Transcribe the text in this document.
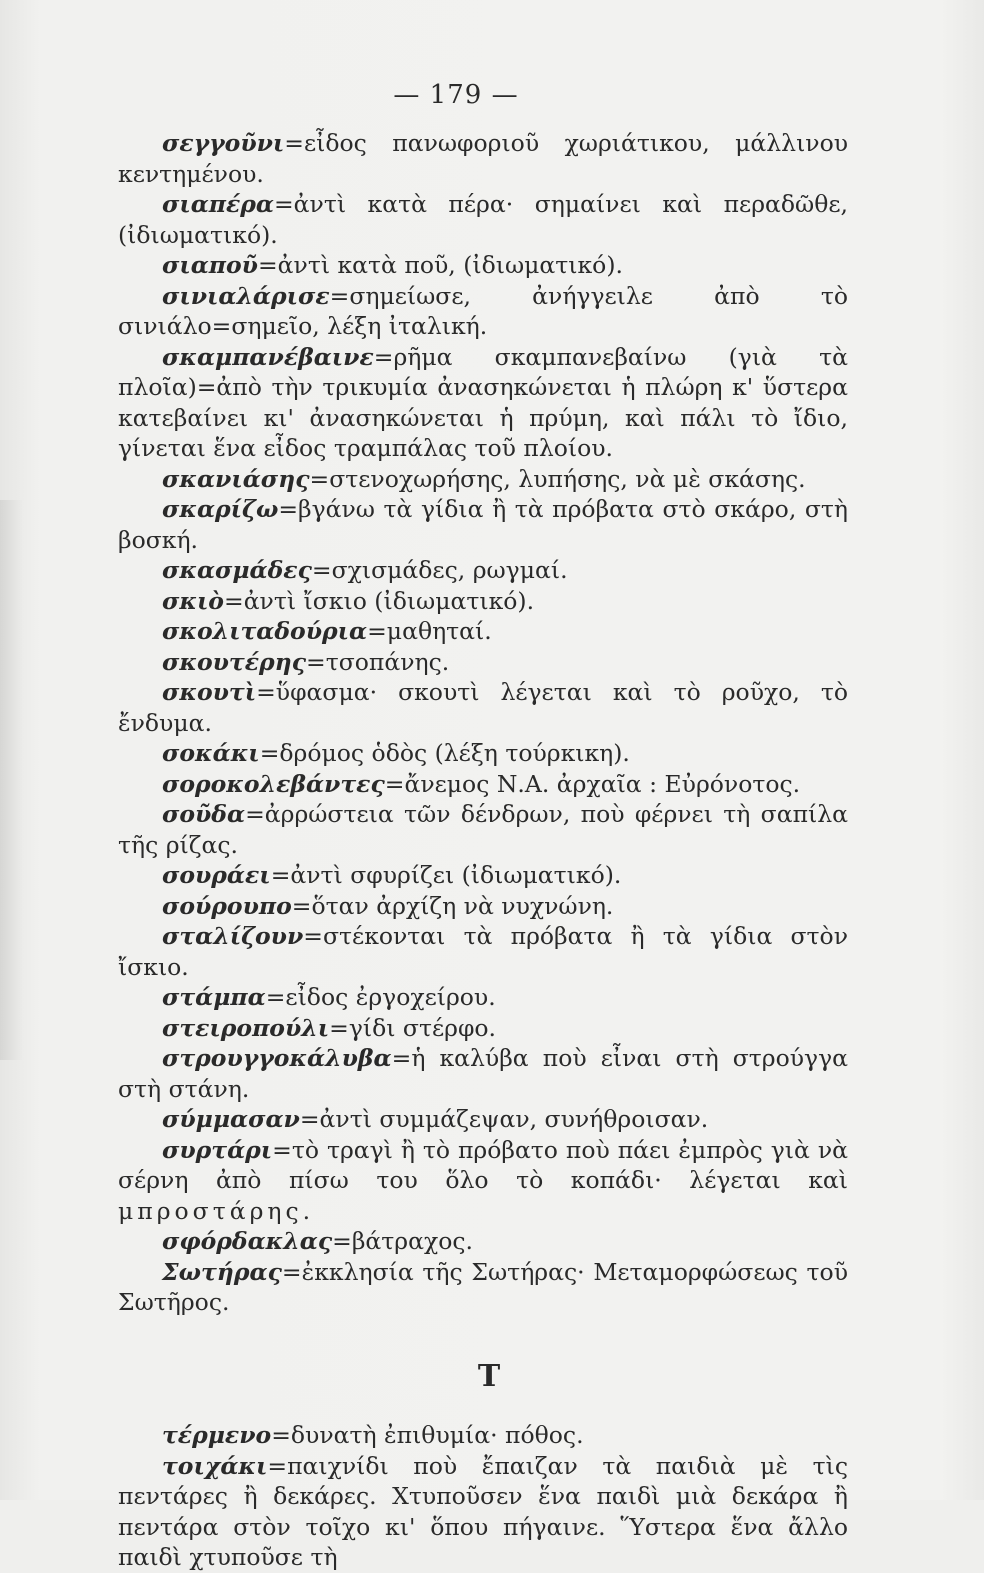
— 179 —

σεγγοῦνι=εἶδος πανωφοριοῦ χωριάτικου, μάλλινου κεντημένου.

σιαπέρα=ἀντὶ κατὰ πέρα· σημαίνει καὶ περαδῶθε, (ἰδιωματικό).

σιαποῦ=ἀντὶ κατὰ ποῦ, (ἰδιωματικό).

σινιαλάρισε=σημείωσε, ἀνήγγειλε ἀπὸ τὸ σινιάλο=σημεῖο, λέξη ἰταλική.

σκαμπανέβαινε=ρῆμα σκαμπανεβαίνω (γιὰ τὰ πλοῖα)=ἀπὸ τὴν τρικυμία ἀνασηκώνεται ἡ πλώρη κ' ὕστερα κατεβαίνει κι' ἀνασηκώνεται ἡ πρύμη, καὶ πάλι τὸ ἴδιο, γίνεται ἕνα εἶδος τραμπάλας τοῦ πλοίου.

σκανιάσης=στενοχωρήσης, λυπήσης, νὰ μὲ σκάσης.

σκαρίζω=βγάνω τὰ γίδια ἢ τὰ πρόβατα στὸ σκάρο, στὴ βοσκή.

σκασμάδες=σχισμάδες, ρωγμαί.

σκιὸ=ἀντὶ ἴσκιο (ἰδιωματικό).

σκολιταδούρια=μαθηταί.

σκουτέρης=τσοπάνης.

σκουτὶ=ὕφασμα· σκουτὶ λέγεται καὶ τὸ ροῦχο, τὸ ἔνδυμα.

σοκάκι=δρόμος ὁδὸς (λέξη τούρκικη).

σοροκολεβάντες=ἄνεμος Ν.Α. ἀρχαῖα : Εὐρόνοτος.

σοῦδα=ἀρρώστεια τῶν δένδρων, ποὺ φέρνει τὴ σαπίλα τῆς ρίζας.

σουράει=ἀντὶ σφυρίζει (ἰδιωματικό).

σούρουπο=ὅταν ἀρχίζη νὰ νυχνώνη.

σταλίζουν=στέκονται τὰ πρόβατα ἢ τὰ γίδια στὸν ἴσκιο.

στάμπα=εἶδος ἐργοχείρου.

στειροπούλι=γίδι στέρφο.

στρουγγοκάλυβα=ἡ καλύβα ποὺ εἶναι στὴ στρούγγα στὴ στάνη.

σύμμασαν=ἀντὶ συμμάζεψαν, συνήθροισαν.

συρτάρι=τὸ τραγὶ ἢ τὸ πρόβατο ποὺ πάει ἐμπρὸς γιὰ νὰ σέρνη ἀπὸ πίσω του ὅλο τὸ κοπάδι· λέγεται καὶ μπροστάρης.

σφόρδακλας=βάτραχος.

Σωτήρας=ἐκκλησία τῆς Σωτήρας· Μεταμορφώσεως τοῦ Σωτῆρος.

T

τέρμενο=δυνατὴ ἐπιθυμία· πόθος.

τοιχάκι=παιχνίδι ποὺ ἔπαιζαν τὰ παιδιὰ μὲ τὶς πεντάρες ἢ δεκάρες. Χτυποῦσεν ἕνα παιδὶ μιὰ δεκάρα ἢ πεντάρα στὸν τοῖχο κι' ὅπου πήγαινε. Ὕστερα ἕνα ἄλλο παιδὶ χτυποῦσε τὴ
